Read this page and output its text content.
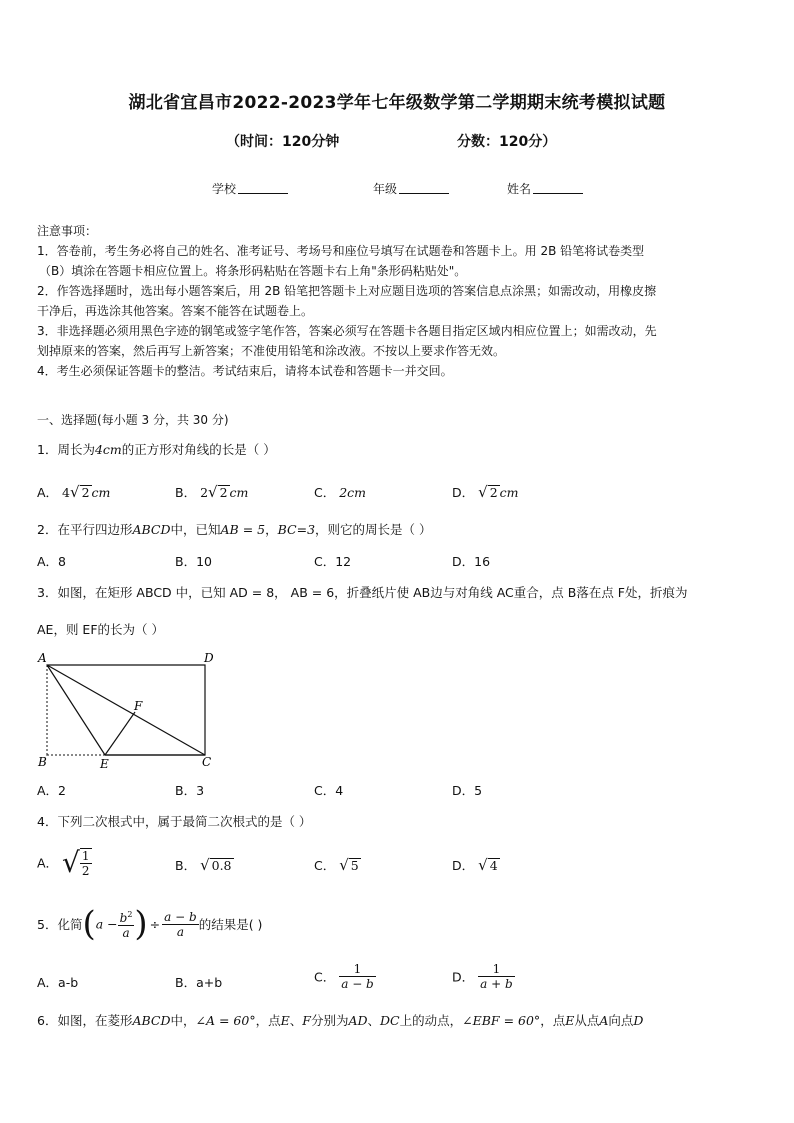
湖北省宜昌市2022-2023学年七年级数学第二学期期末统考模拟试题
（时间：120分钟	分数：120分）
学校	年级	姓名
注意事项：
1．答卷前，考生务必将自己的姓名、准考证号、考场号和座位号填写在试题卷和答题卡上。用 2B 铅笔将试卷类型
（B）填涂在答题卡相应位置上。将条形码粘贴在答题卡右上角"条形码粘贴处"。
2．作答选择题时，选出每小题答案后，用 2B 铅笔把答题卡上对应题目选项的答案信息点涂黑；如需改动，用橡皮擦
干净后，再选涂其他答案。答案不能答在试题卷上。
3．非选择题必须用黑色字迹的钢笔或签字笔作答，答案必须写在答题卡各题目指定区域内相应位置上；如需改动，先
划掉原来的答案，然后再写上新答案；不准使用铅笔和涂改液。不按以上要求作答无效。
4．考生必须保证答题卡的整洁。考试结束后，请将本试卷和答题卡一并交回。
一、选择题(每小题 3 分，共 30 分)
1．周长为4cm的正方形对角线的长是（ ）
A． 4√ 2 cm	B． 2√ 2 cm	C． 2cm	D． √ 2 cm
2．在平行四边形ABCD中，已知AB = 5，BC=3，则它的周长是（ ）
A．8	B．10	C．12	D．16
3．如图，在矩形 ABCD 中，已知 AD = 8， AB = 6，折叠纸片使 AB边与对角线 AC重合，点 B落在点 F处，折痕为
AE，则 EF的长为（ ）
A	D
F
B	E	C
A．2	B．3	C．4	D．5
4．下列二次根式中，属于最简二次根式的是（ ）
A． √ $\frac{1}{2}$	B． √ 0.8	C． √ 5	D． √ 4
5．化简($a - \frac{b^2}{a}$ ) ÷ $\frac{a - b}{a}$ 的结果是( )
A．a-b	B．a+b	C． $\frac{1}{a - b}$	D． $\frac{1}{a + b}$
6．如图，在菱形ABCD中，∠A = 60°，点E、F分别为AD、DC上的动点，∠EBF = 60°，点E从点A向点D
